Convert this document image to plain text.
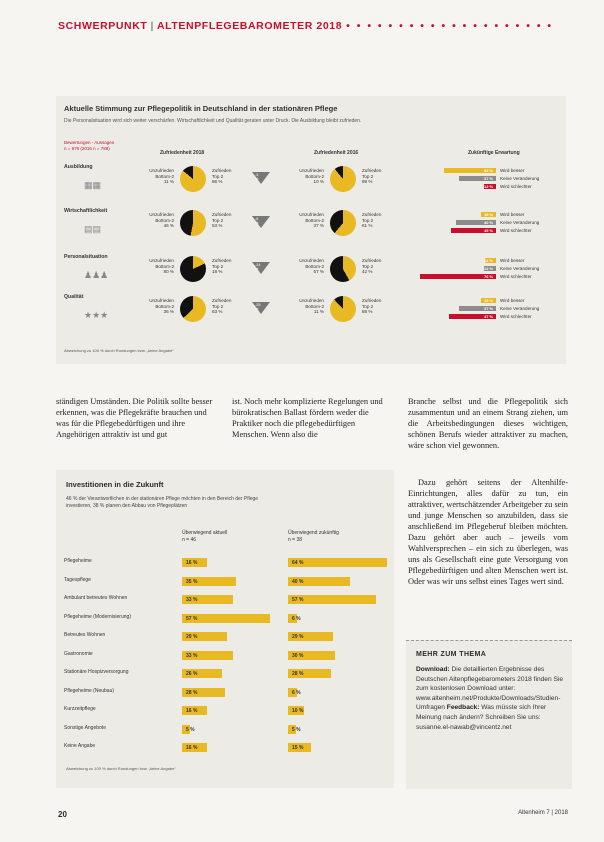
SCHWERPUNKT | ALTENPFLEGEBAROMETER 2018 • • • • • • • • • • • • • • • • • • • •
Aktuelle Stimmung zur Pflegepolitik in Deutschland in der stationären Pflege
Die Personalsituation wird sich weiter verschärfen. Wirtschaftlichkeit und Qualität geraten unter Druck. Die Ausbildung bleibt zufrieden.
Bewertungen - Aussagen
n = 976 (2016 n = 788)
Zufriedenheit 2018	Zufriedenheit 2016	Zukünftige Erwartung
Ausbildung
▦▦
Unzufrieden
Bottom-2
11 %
Zufrieden
Top 2
86 %
-3 %
Unzufrieden
Bottom-2
10 %
Zufrieden
Top 2
89 %
52 % Wird besser
37 % Keine Veränderung
12 % Wird schlechter
Wirtschaftlichkeit
▤▤
Unzufrieden
Bottom-2
46 %
Zufrieden
Top 2
53 %
-8 %
Unzufrieden
Bottom-2
37 %
Zufrieden
Top 2
61 %
15 % Wird besser
40 % Keine Veränderung
45 % Wird schlechter
Personalsituation
♟♟♟
Unzufrieden
Bottom-2
80 %
Zufrieden
Top 2
18 %
-24 %
Unzufrieden
Bottom-2
57 %
Zufrieden
Top 2
42 %
11 % Wird besser
12 % Keine Veränderung
76 % Wird schlechter
Qualität
★★★
Unzufrieden
Bottom-2
36 %
Zufrieden
Top 2
63 %
-25 %
Unzufrieden
Bottom-2
11 %
Zufrieden
Top 2
88 %
15 % Wird besser
37 % Keine Veränderung
47 % Wird schlechter
Abweichung zu 100 % durch Rundungen bzw. „keine Angabe“
ständigen Umständen. Die Politik sollte besser erkennen, was die Pflegekräfte brauchen und was für die Pflegebedürftigen und ihre Angehörigen attraktiv ist und gut
ist. Noch mehr komplizierte Regelungen und bürokratischen Ballast fördern weder die Praktiker noch die pflegebedürftigen Menschen. Wenn also die
Branche selbst und die Pflegepolitik sich zusammentun und an einem Strang ziehen, um die Arbeitsbedingungen dieses wichtigen, schönen Berufs wieder attraktiver zu machen, wäre schon viel gewonnen.
Dazu gehört seitens der Altenhilfe-Einrichtungen, alles dafür zu tun, ein attraktiver, wertschätzender Arbeitgeber zu sein und junge Menschen so anzubilden, dass sie anschließend im Pflegeberuf bleiben möchten. Dazu gehört aber auch – jeweils vom Wahlversprechen – ein sich zu überlegen, was uns als Gesellschaft eine gute Versorgung von Pflegebedürftigen und alten Menschen wert ist. Oder was wir uns selbst eines Tages wert sind.
Investitionen in die Zukunft
46 % der Verantwortlichen in der stationären Pflege möchten in den Bereich der Pflege
investieren, 38 % planen den Abbau von Pflegeplätzen
Überwiegend aktuell
n = 46
Überwiegend zukünftig
n = 38
Pflegeheime	16 %	64 %
Tagespflege	35 %	40 %
Ambulant betreutes Wohnen	33 %	57 %
Pflegeheime (Modernisierung)	57 %	6 %
Betreutes Wohnen	29 %	29 %
Gastronomie	33 %	30 %
Stationäre Hospizversorgung	26 %	28 %
Pflegeheime (Neubau)	28 %	6 %
Kurzzeitpflege	16 %	10 %
Sonstige Angebote	5 %	5 %
Keine Angabe	16 %	15 %
Abweichung zu 100 % durch Rundungen bzw. „keine Angabe“
MEHR ZUM THEMA
Download: Die detaillierten Ergebnisse des Deutschen Altenpflegebarometers 2018 finden Sie zum kostenlosen Download unter: www.altenheim.net/Produkte/Downloads/Studien-Umfragen Feedback: Was müsste sich Ihrer Meinung nach ändern? Schreiben Sie uns: susanne.el-nawab@vincentz.net
20	Altenheim 7 | 2018
